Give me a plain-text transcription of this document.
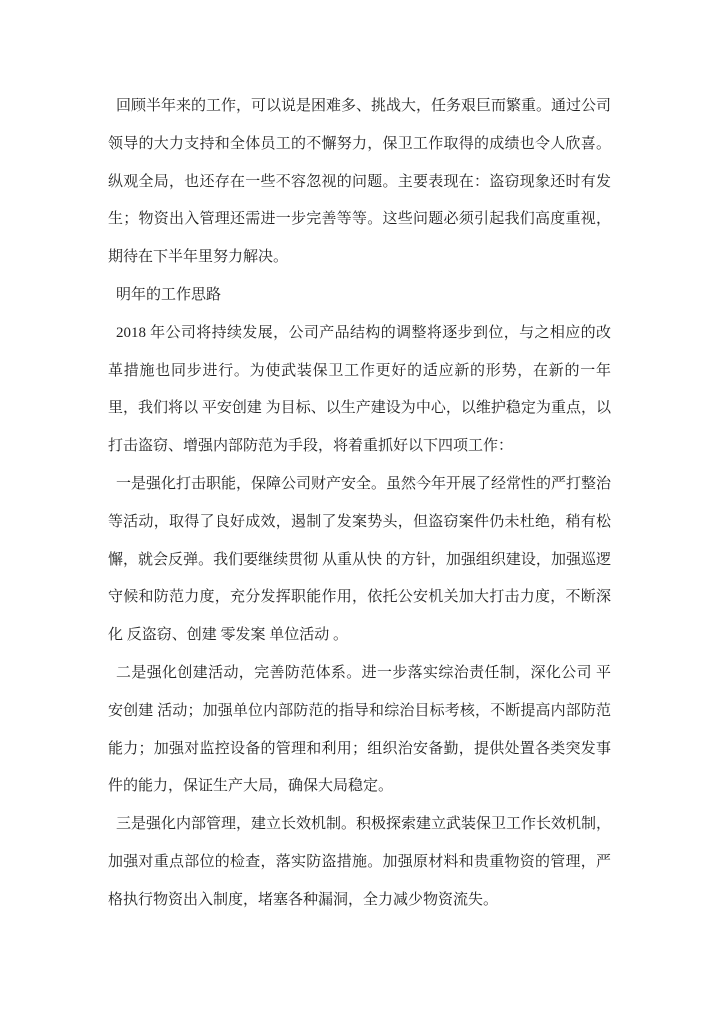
回顾半年来的工作，可以说是困难多、挑战大，任务艰巨而繁重。通过公司领导的大力支持和全体员工的不懈努力，保卫工作取得的成绩也令人欣喜。纵观全局，也还存在一些不容忽视的问题。主要表现在：盗窃现象还时有发生；物资出入管理还需进一步完善等等。这些问题必须引起我们高度重视，期待在下半年里努力解决。

明年的工作思路

2018 年公司将持续发展，公司产品结构的调整将逐步到位，与之相应的改革措施也同步进行。为使武装保卫工作更好的适应新的形势，在新的一年里，我们将以 平安创建 为目标、以生产建设为中心，以维护稳定为重点，以打击盗窃、增强内部防范为手段，将着重抓好以下四项工作：

一是强化打击职能，保障公司财产安全。虽然今年开展了经常性的严打整治等活动，取得了良好成效，遏制了发案势头，但盗窃案件仍未杜绝，稍有松懈，就会反弹。我们要继续贯彻 从重从快 的方针，加强组织建设，加强巡逻守候和防范力度，充分发挥职能作用，依托公安机关加大打击力度，不断深化 反盗窃、创建 零发案 单位活动 。

二是强化创建活动，完善防范体系。进一步落实综治责任制，深化公司 平安创建 活动；加强单位内部防范的指导和综治目标考核，不断提高内部防范能力；加强对监控设备的管理和利用；组织治安备勤，提供处置各类突发事件的能力，保证生产大局，确保大局稳定。

三是强化内部管理，建立长效机制。积极探索建立武装保卫工作长效机制，加强对重点部位的检查，落实防盗措施。加强原材料和贵重物资的管理，严格执行物资出入制度，堵塞各种漏洞，全力减少物资流失。
